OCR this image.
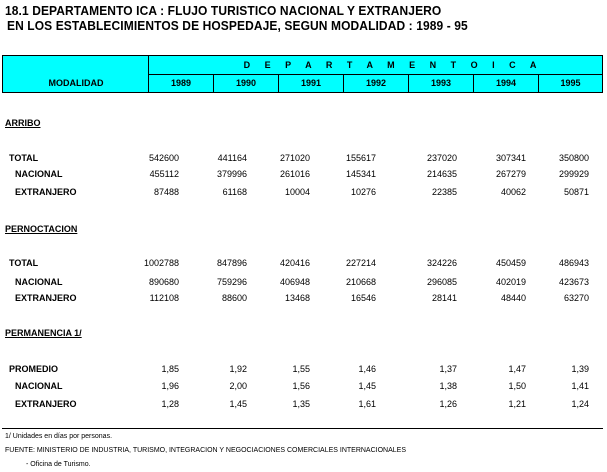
18.1 DEPARTAMENTO ICA : FLUJO TURISTICO NACIONAL Y EXTRANJERO
EN LOS ESTABLECIMIENTOS DE HOSPEDAJE, SEGUN MODALIDAD : 1989 - 95
MODALIDAD
D E P A R T A M E N T O I C A
1989	1990	1991	1992	1993	1994	1995
ARRIBO
TOTAL	542600	441164	271020	155617	237020	307341	350800
NACIONAL	455112	379996	261016	145341	214635	267279	299929
EXTRANJERO	87488	61168	10004	10276	22385	40062	50871
PERNOCTACION
TOTAL	1002788	847896	420416	227214	324226	450459	486943
NACIONAL	890680	759296	406948	210668	296085	402019	423673
EXTRANJERO	112108	88600	13468	16546	28141	48440	63270
PERMANENCIA 1/
PROMEDIO	1,85	1,92	1,55	1,46	1,37	1,47	1,39
NACIONAL	1,96	2,00	1,56	1,45	1,38	1,50	1,41
EXTRANJERO	1,28	1,45	1,35	1,61	1,26	1,21	1,24
1/ Unidades en días por personas.
FUENTE: MINISTERIO DE INDUSTRIA, TURISMO, INTEGRACION Y NEGOCIACIONES COMERCIALES INTERNACIONALES
- Oficina de Turismo.
